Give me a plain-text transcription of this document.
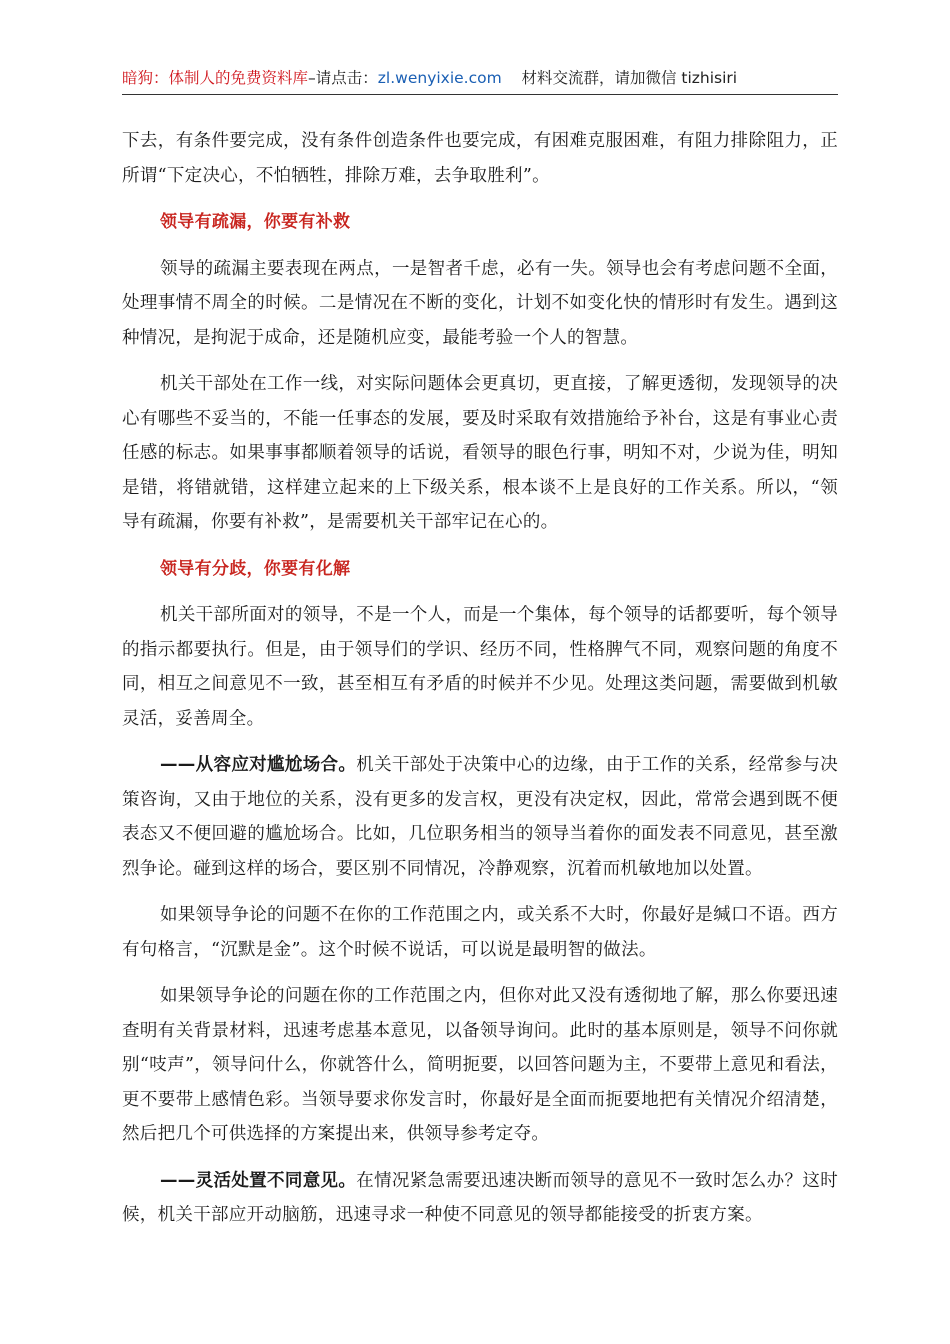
暗狗：体制人的免费资料库–请点击：zl.wenyixie.com 材料交流群，请加微信 tizhisiri

下去，有条件要完成，没有条件创造条件也要完成，有困难克服困难，有阻力排除阻力，正所谓“下定决心，不怕牺牲，排除万难，去争取胜利”。

领导有疏漏，你要有补救

领导的疏漏主要表现在两点，一是智者千虑，必有一失。领导也会有考虑问题不全面，处理事情不周全的时候。二是情况在不断的变化，计划不如变化快的情形时有发生。遇到这种情况，是拘泥于成命，还是随机应变，最能考验一个人的智慧。

机关干部处在工作一线，对实际问题体会更真切，更直接，了解更透彻，发现领导的决心有哪些不妥当的，不能一任事态的发展，要及时采取有效措施给予补台，这是有事业心责任感的标志。如果事事都顺着领导的话说，看领导的眼色行事，明知不对，少说为佳，明知是错，将错就错，这样建立起来的上下级关系，根本谈不上是良好的工作关系。所以，“领导有疏漏，你要有补救”，是需要机关干部牢记在心的。

领导有分歧，你要有化解

机关干部所面对的领导，不是一个人，而是一个集体，每个领导的话都要听，每个领导的指示都要执行。但是，由于领导们的学识、经历不同，性格脾气不同，观察问题的角度不同，相互之间意见不一致，甚至相互有矛盾的时候并不少见。处理这类问题，需要做到机敏灵活，妥善周全。

——从容应对尴尬场合。机关干部处于决策中心的边缘，由于工作的关系，经常参与决策咨询，又由于地位的关系，没有更多的发言权，更没有决定权，因此，常常会遇到既不便表态又不便回避的尴尬场合。比如，几位职务相当的领导当着你的面发表不同意见，甚至激烈争论。碰到这样的场合，要区别不同情况，冷静观察，沉着而机敏地加以处置。

如果领导争论的问题不在你的工作范围之内，或关系不大时，你最好是缄口不语。西方有句格言，“沉默是金”。这个时候不说话，可以说是最明智的做法。

如果领导争论的问题在你的工作范围之内，但你对此又没有透彻地了解，那么你要迅速查明有关背景材料，迅速考虑基本意见，以备领导询问。此时的基本原则是，领导不问你就别“吱声”，领导问什么，你就答什么，简明扼要，以回答问题为主，不要带上意见和看法，更不要带上感情色彩。当领导要求你发言时，你最好是全面而扼要地把有关情况介绍清楚，然后把几个可供选择的方案提出来，供领导参考定夺。

——灵活处置不同意见。在情况紧急需要迅速决断而领导的意见不一致时怎么办？这时候，机关干部应开动脑筋，迅速寻求一种使不同意见的领导都能接受的折衷方案。
